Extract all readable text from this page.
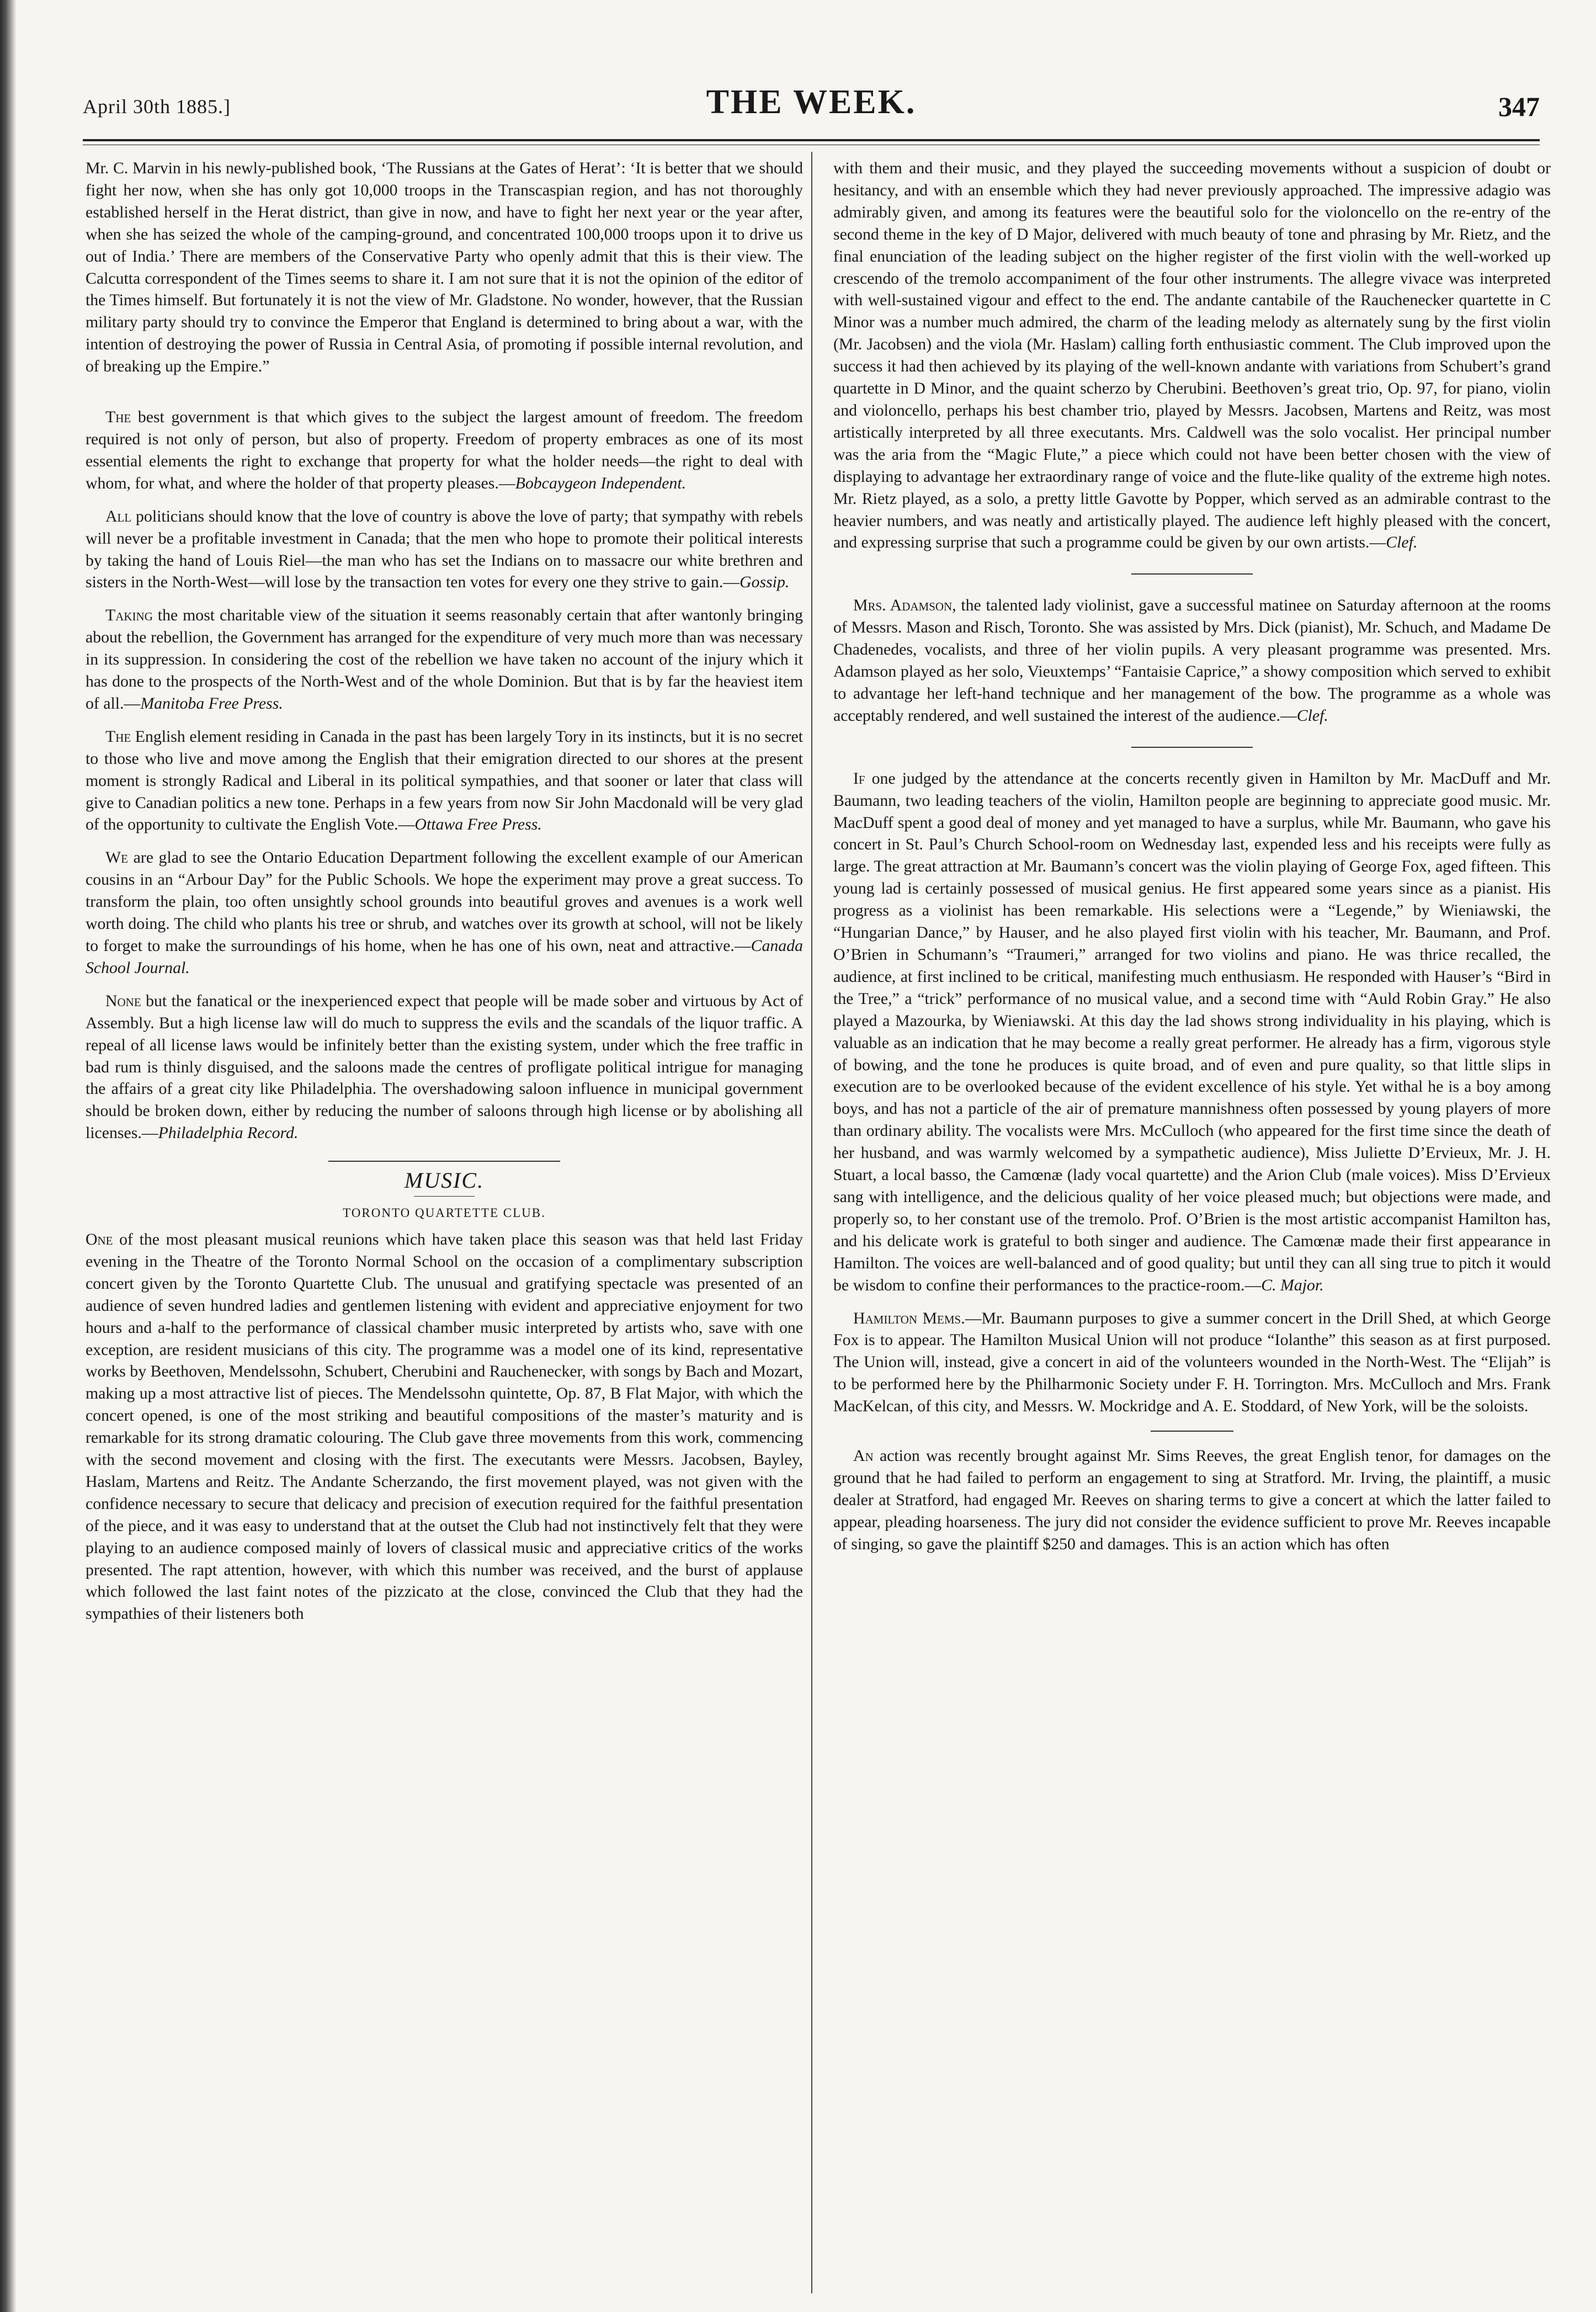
April 30th 1885.]	THE WEEK.	347

Mr. C. Marvin in his newly-published book, ‘The Russians at the Gates of Herat’: ‘It is better that we should fight her now, when she has only got 10,000 troops in the Transcaspian region, and has not thoroughly established herself in the Herat district, than give in now, and have to fight her next year or the year after, when she has seized the whole of the camping-ground, and concentrated 100,000 troops upon it to drive us out of India.’ There are members of the Conservative Party who openly admit that this is their view. The Calcutta correspondent of the Times seems to share it. I am not sure that it is not the opinion of the editor of the Times himself. But fortunately it is not the view of Mr. Gladstone. No wonder, however, that the Russian military party should try to convince the Emperor that England is determined to bring about a war, with the intention of destroying the power of Russia in Central Asia, of promoting if possible internal revolution, and of breaking up the Empire.”

The best government is that which gives to the subject the largest amount of freedom. The freedom required is not only of person, but also of property. Freedom of property embraces as one of its most essential elements the right to exchange that property for what the holder needs—the right to deal with whom, for what, and where the holder of that property pleases.—Bobcaygeon Independent.

All politicians should know that the love of country is above the love of party; that sympathy with rebels will never be a profitable investment in Canada; that the men who hope to promote their political interests by taking the hand of Louis Riel—the man who has set the Indians on to massacre our white brethren and sisters in the North-West—will lose by the transaction ten votes for every one they strive to gain.—Gossip.

Taking the most charitable view of the situation it seems reasonably certain that after wantonly bringing about the rebellion, the Government has arranged for the expenditure of very much more than was necessary in its suppression. In considering the cost of the rebellion we have taken no account of the injury which it has done to the prospects of the North-West and of the whole Dominion. But that is by far the heaviest item of all.—Manitoba Free Press.

The English element residing in Canada in the past has been largely Tory in its instincts, but it is no secret to those who live and move among the English that their emigration directed to our shores at the present moment is strongly Radical and Liberal in its political sympathies, and that sooner or later that class will give to Canadian politics a new tone. Perhaps in a few years from now Sir John Macdonald will be very glad of the opportunity to cultivate the English Vote.—Ottawa Free Press.

We are glad to see the Ontario Education Department following the excellent example of our American cousins in an “Arbour Day” for the Public Schools. We hope the experiment may prove a great success. To transform the plain, too often unsightly school grounds into beautiful groves and avenues is a work well worth doing. The child who plants his tree or shrub, and watches over its growth at school, will not be likely to forget to make the surroundings of his home, when he has one of his own, neat and attractive.—Canada School Journal.

None but the fanatical or the inexperienced expect that people will be made sober and virtuous by Act of Assembly. But a high license law will do much to suppress the evils and the scandals of the liquor traffic. A repeal of all license laws would be infinitely better than the existing system, under which the free traffic in bad rum is thinly disguised, and the saloons made the centres of profligate political intrigue for managing the affairs of a great city like Philadelphia. The overshadowing saloon influence in municipal government should be broken down, either by reducing the number of saloons through high license or by abolishing all licenses.—Philadelphia Record.

MUSIC.
TORONTO QUARTETTE CLUB.

One of the most pleasant musical reunions which have taken place this season was that held last Friday evening in the Theatre of the Toronto Normal School on the occasion of a complimentary subscription concert given by the Toronto Quartette Club. The unusual and gratifying spectacle was presented of an audience of seven hundred ladies and gentlemen listening with evident and appreciative enjoyment for two hours and a-half to the performance of classical chamber music interpreted by artists who, save with one exception, are resident musicians of this city. The programme was a model one of its kind, representative works by Beethoven, Mendelssohn, Schubert, Cherubini and Rauchenecker, with songs by Bach and Mozart, making up a most attractive list of pieces. The Mendelssohn quintette, Op. 87, B Flat Major, with which the concert opened, is one of the most striking and beautiful compositions of the master’s maturity and is remarkable for its strong dramatic colouring. The Club gave three movements from this work, commencing with the second movement and closing with the first. The executants were Messrs. Jacobsen, Bayley, Haslam, Martens and Reitz. The Andante Scherzando, the first movement played, was not given with the confidence necessary to secure that delicacy and precision of execution required for the faithful presentation of the piece, and it was easy to understand that at the outset the Club had not instinctively felt that they were playing to an audience composed mainly of lovers of classical music and appreciative critics of the works presented. The rapt attention, however, with which this number was received, and the burst of applause which followed the last faint notes of the pizzicato at the close, convinced the Club that they had the sympathies of their listeners both

with them and their music, and they played the succeeding movements without a suspicion of doubt or hesitancy, and with an ensemble which they had never previously approached. The impressive adagio was admirably given, and among its features were the beautiful solo for the violoncello on the re-entry of the second theme in the key of D Major, delivered with much beauty of tone and phrasing by Mr. Rietz, and the final enunciation of the leading subject on the higher register of the first violin with the well-worked up crescendo of the tremolo accompaniment of the four other instruments. The allegre vivace was interpreted with well-sustained vigour and effect to the end. The andante cantabile of the Rauchenecker quartette in C Minor was a number much admired, the charm of the leading melody as alternately sung by the first violin (Mr. Jacobsen) and the viola (Mr. Haslam) calling forth enthusiastic comment. The Club improved upon the success it had then achieved by its playing of the well-known andante with variations from Schubert’s grand quartette in D Minor, and the quaint scherzo by Cherubini. Beethoven’s great trio, Op. 97, for piano, violin and violoncello, perhaps his best chamber trio, played by Messrs. Jacobsen, Martens and Reitz, was most artistically interpreted by all three executants. Mrs. Caldwell was the solo vocalist. Her principal number was the aria from the “Magic Flute,” a piece which could not have been better chosen with the view of displaying to advantage her extraordinary range of voice and the flute-like quality of the extreme high notes. Mr. Rietz played, as a solo, a pretty little Gavotte by Popper, which served as an admirable contrast to the heavier numbers, and was neatly and artistically played. The audience left highly pleased with the concert, and expressing surprise that such a programme could be given by our own artists.—Clef.

Mrs. Adamson, the talented lady violinist, gave a successful matinee on Saturday afternoon at the rooms of Messrs. Mason and Risch, Toronto. She was assisted by Mrs. Dick (pianist), Mr. Schuch, and Madame De Chadenedes, vocalists, and three of her violin pupils. A very pleasant programme was presented. Mrs. Adamson played as her solo, Vieuxtemps’ “Fantaisie Caprice,” a showy composition which served to exhibit to advantage her left-hand technique and her management of the bow. The programme as a whole was acceptably rendered, and well sustained the interest of the audience.—Clef.

If one judged by the attendance at the concerts recently given in Hamilton by Mr. MacDuff and Mr. Baumann, two leading teachers of the violin, Hamilton people are beginning to appreciate good music. Mr. MacDuff spent a good deal of money and yet managed to have a surplus, while Mr. Baumann, who gave his concert in St. Paul’s Church School-room on Wednesday last, expended less and his receipts were fully as large. The great attraction at Mr. Baumann’s concert was the violin playing of George Fox, aged fifteen. This young lad is certainly possessed of musical genius. He first appeared some years since as a pianist. His progress as a violinist has been remarkable. His selections were a “Legende,” by Wieniawski, the “Hungarian Dance,” by Hauser, and he also played first violin with his teacher, Mr. Baumann, and Prof. O’Brien in Schumann’s “Traumeri,” arranged for two violins and piano. He was thrice recalled, the audience, at first inclined to be critical, manifesting much enthusiasm. He responded with Hauser’s “Bird in the Tree,” a “trick” performance of no musical value, and a second time with “Auld Robin Gray.” He also played a Mazourka, by Wieniawski. At this day the lad shows strong individuality in his playing, which is valuable as an indication that he may become a really great performer. He already has a firm, vigorous style of bowing, and the tone he produces is quite broad, and of even and pure quality, so that little slips in execution are to be overlooked because of the evident excellence of his style. Yet withal he is a boy among boys, and has not a particle of the air of premature mannishness often possessed by young players of more than ordinary ability. The vocalists were Mrs. McCulloch (who appeared for the first time since the death of her husband, and was warmly welcomed by a sympathetic audience), Miss Juliette D’Ervieux, Mr. J. H. Stuart, a local basso, the Camœnæ (lady vocal quartette) and the Arion Club (male voices). Miss D’Ervieux sang with intelligence, and the delicious quality of her voice pleased much; but objections were made, and properly so, to her constant use of the tremolo. Prof. O’Brien is the most artistic accompanist Hamilton has, and his delicate work is grateful to both singer and audience. The Camœnæ made their first appearance in Hamilton. The voices are well-balanced and of good quality; but until they can all sing true to pitch it would be wisdom to confine their performances to the practice-room.—C. Major.

Hamilton Mems.—Mr. Baumann purposes to give a summer concert in the Drill Shed, at which George Fox is to appear. The Hamilton Musical Union will not produce “Iolanthe” this season as at first purposed. The Union will, instead, give a concert in aid of the volunteers wounded in the North-West. The “Elijah” is to be performed here by the Philharmonic Society under F. H. Torrington. Mrs. McCulloch and Mrs. Frank MacKelcan, of this city, and Messrs. W. Mockridge and A. E. Stoddard, of New York, will be the soloists.

An action was recently brought against Mr. Sims Reeves, the great English tenor, for damages on the ground that he had failed to perform an engagement to sing at Stratford. Mr. Irving, the plaintiff, a music dealer at Stratford, had engaged Mr. Reeves on sharing terms to give a concert at which the latter failed to appear, pleading hoarseness. The jury did not consider the evidence sufficient to prove Mr. Reeves incapable of singing, so gave the plaintiff $250 and damages. This is an action which has often
